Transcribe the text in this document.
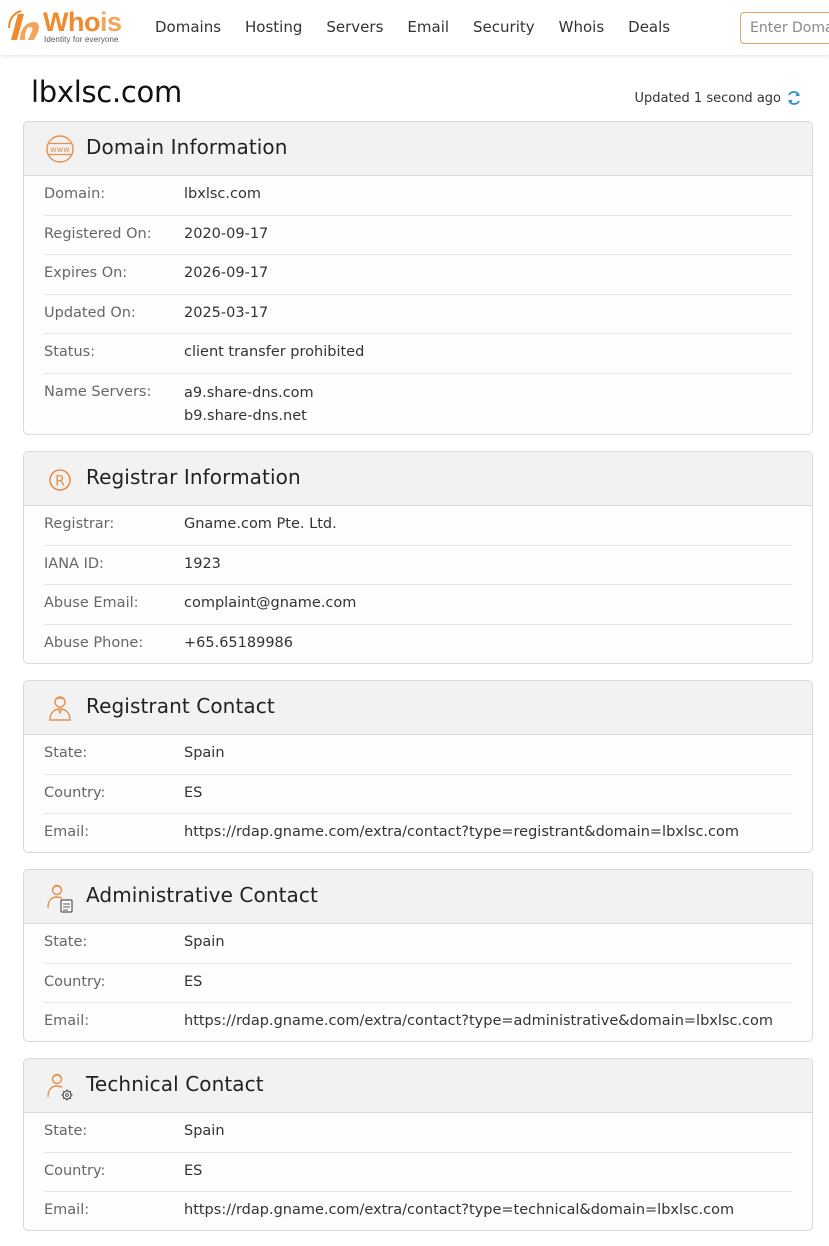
Whois
Identity for everyone
Domains Hosting Servers Email Security Whois Deals
Enter Domain
lbxlsc.com	Updated 1 second ago
www Domain Information
Domain:	lbxlsc.com
Registered On:	2020-09-17
Expires On:	2026-09-17
Updated On:	2025-03-17
Status:	client transfer prohibited
Name Servers:	a9.share-dns.com
b9.share-dns.net
R Registrar Information
Registrar:	Gname.com Pte. Ltd.
IANA ID:	1923
Abuse Email:	complaint@gname.com
Abuse Phone:	+65.65189986
Registrant Contact
State:	Spain
Country:	ES
Email:	https://rdap.gname.com/extra/contact?type=registrant&domain=lbxlsc.com
Administrative Contact
State:	Spain
Country:	ES
Email:	https://rdap.gname.com/extra/contact?type=administrative&domain=lbxlsc.com
Technical Contact
State:	Spain
Country:	ES
Email:	https://rdap.gname.com/extra/contact?type=technical&domain=lbxlsc.com
